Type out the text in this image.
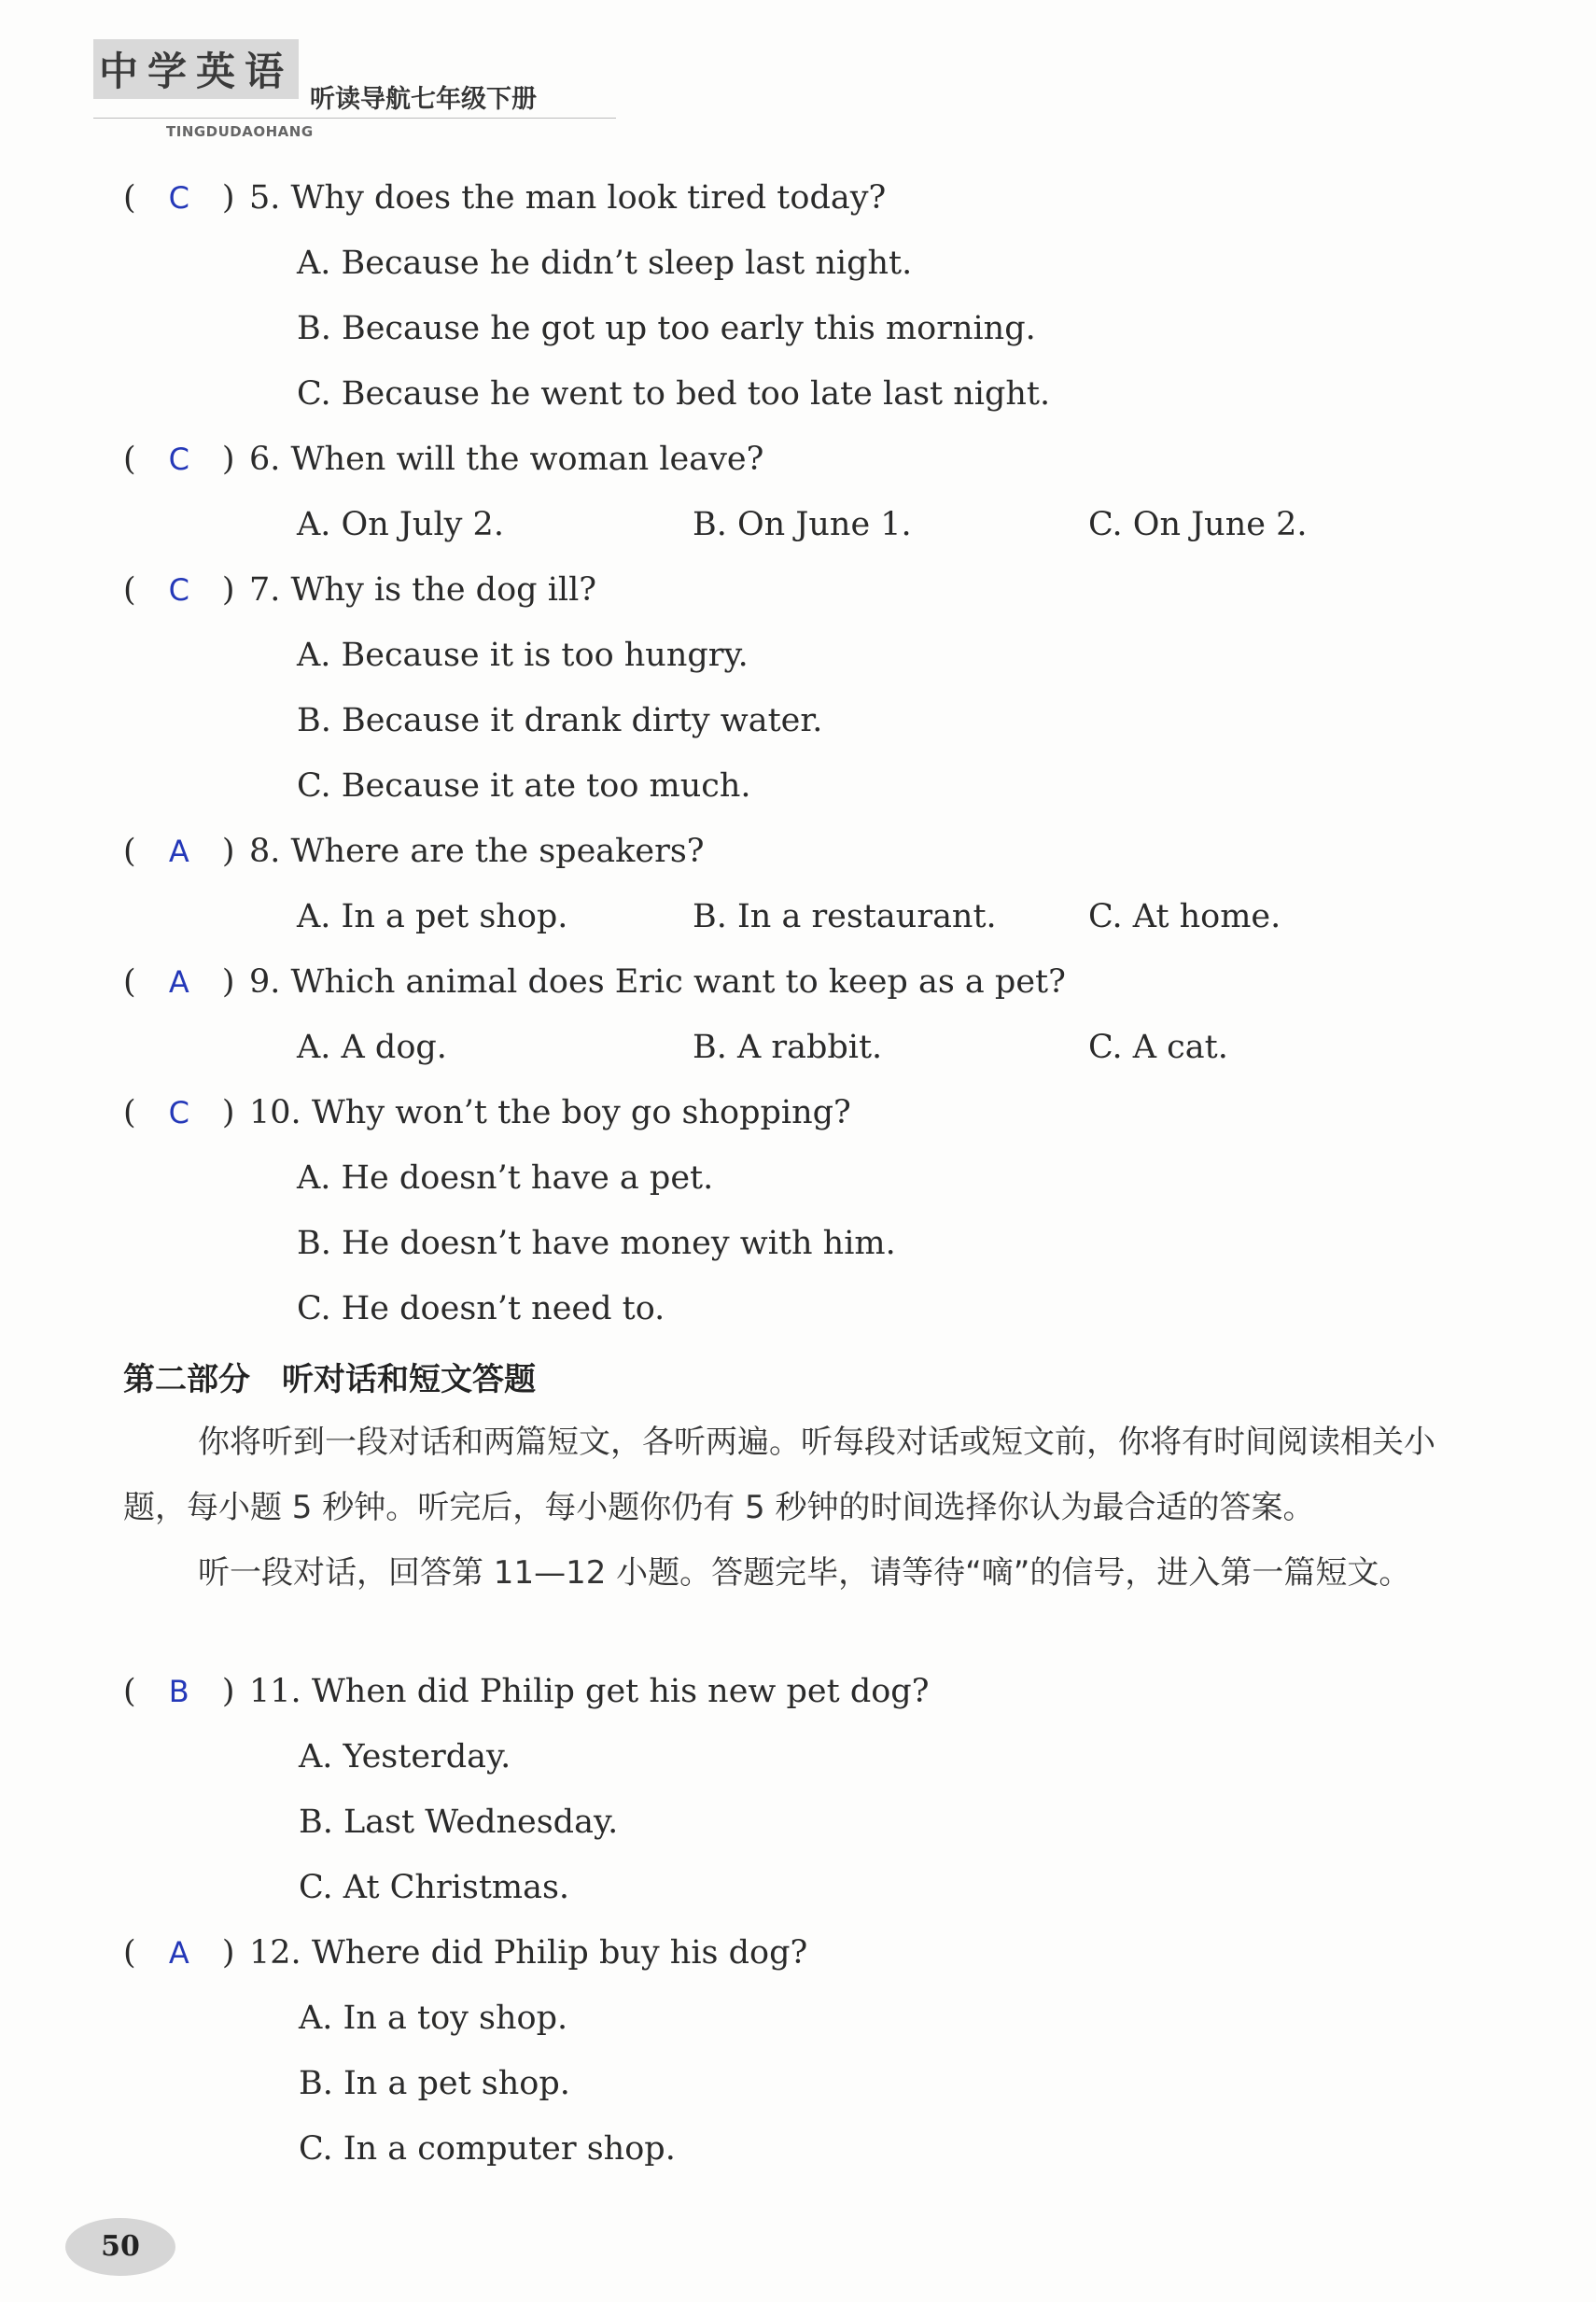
中学英语
听读导航七年级下册
TINGDUDAOHANG
( C ) 5. Why does the man look tired today?
A. Because he didn’t sleep last night.
B. Because he got up too early this morning.
C. Because he went to bed too late last night.
( C ) 6. When will the woman leave?
A. On July 2.	B. On June 1.	C. On June 2.
( C ) 7. Why is the dog ill?
A. Because it is too hungry.
B. Because it drank dirty water.
C. Because it ate too much.
( A ) 8. Where are the speakers?
A. In a pet shop.	B. In a restaurant.	C. At home.
( A ) 9. Which animal does Eric want to keep as a pet?
A. A dog.	B. A rabbit.	C. A cat.
( C ) 10. Why won’t the boy go shopping?
A. He doesn’t have a pet.
B. He doesn’t have money with him.
C. He doesn’t need to.
第二部分　听对话和短文答题
你将听到一段对话和两篇短文，各听两遍。听每段对话或短文前，你将有时间阅读相关小题，每小题 5 秒钟。听完后，每小题你仍有 5 秒钟的时间选择你认为最合适的答案。
听一段对话，回答第 11—12 小题。答题完毕，请等待“嘀”的信号，进入第一篇短文。
( B ) 11. When did Philip get his new pet dog?
A. Yesterday.
B. Last Wednesday.
C. At Christmas.
( A ) 12. Where did Philip buy his dog?
A. In a toy shop.
B. In a pet shop.
C. In a computer shop.
50
